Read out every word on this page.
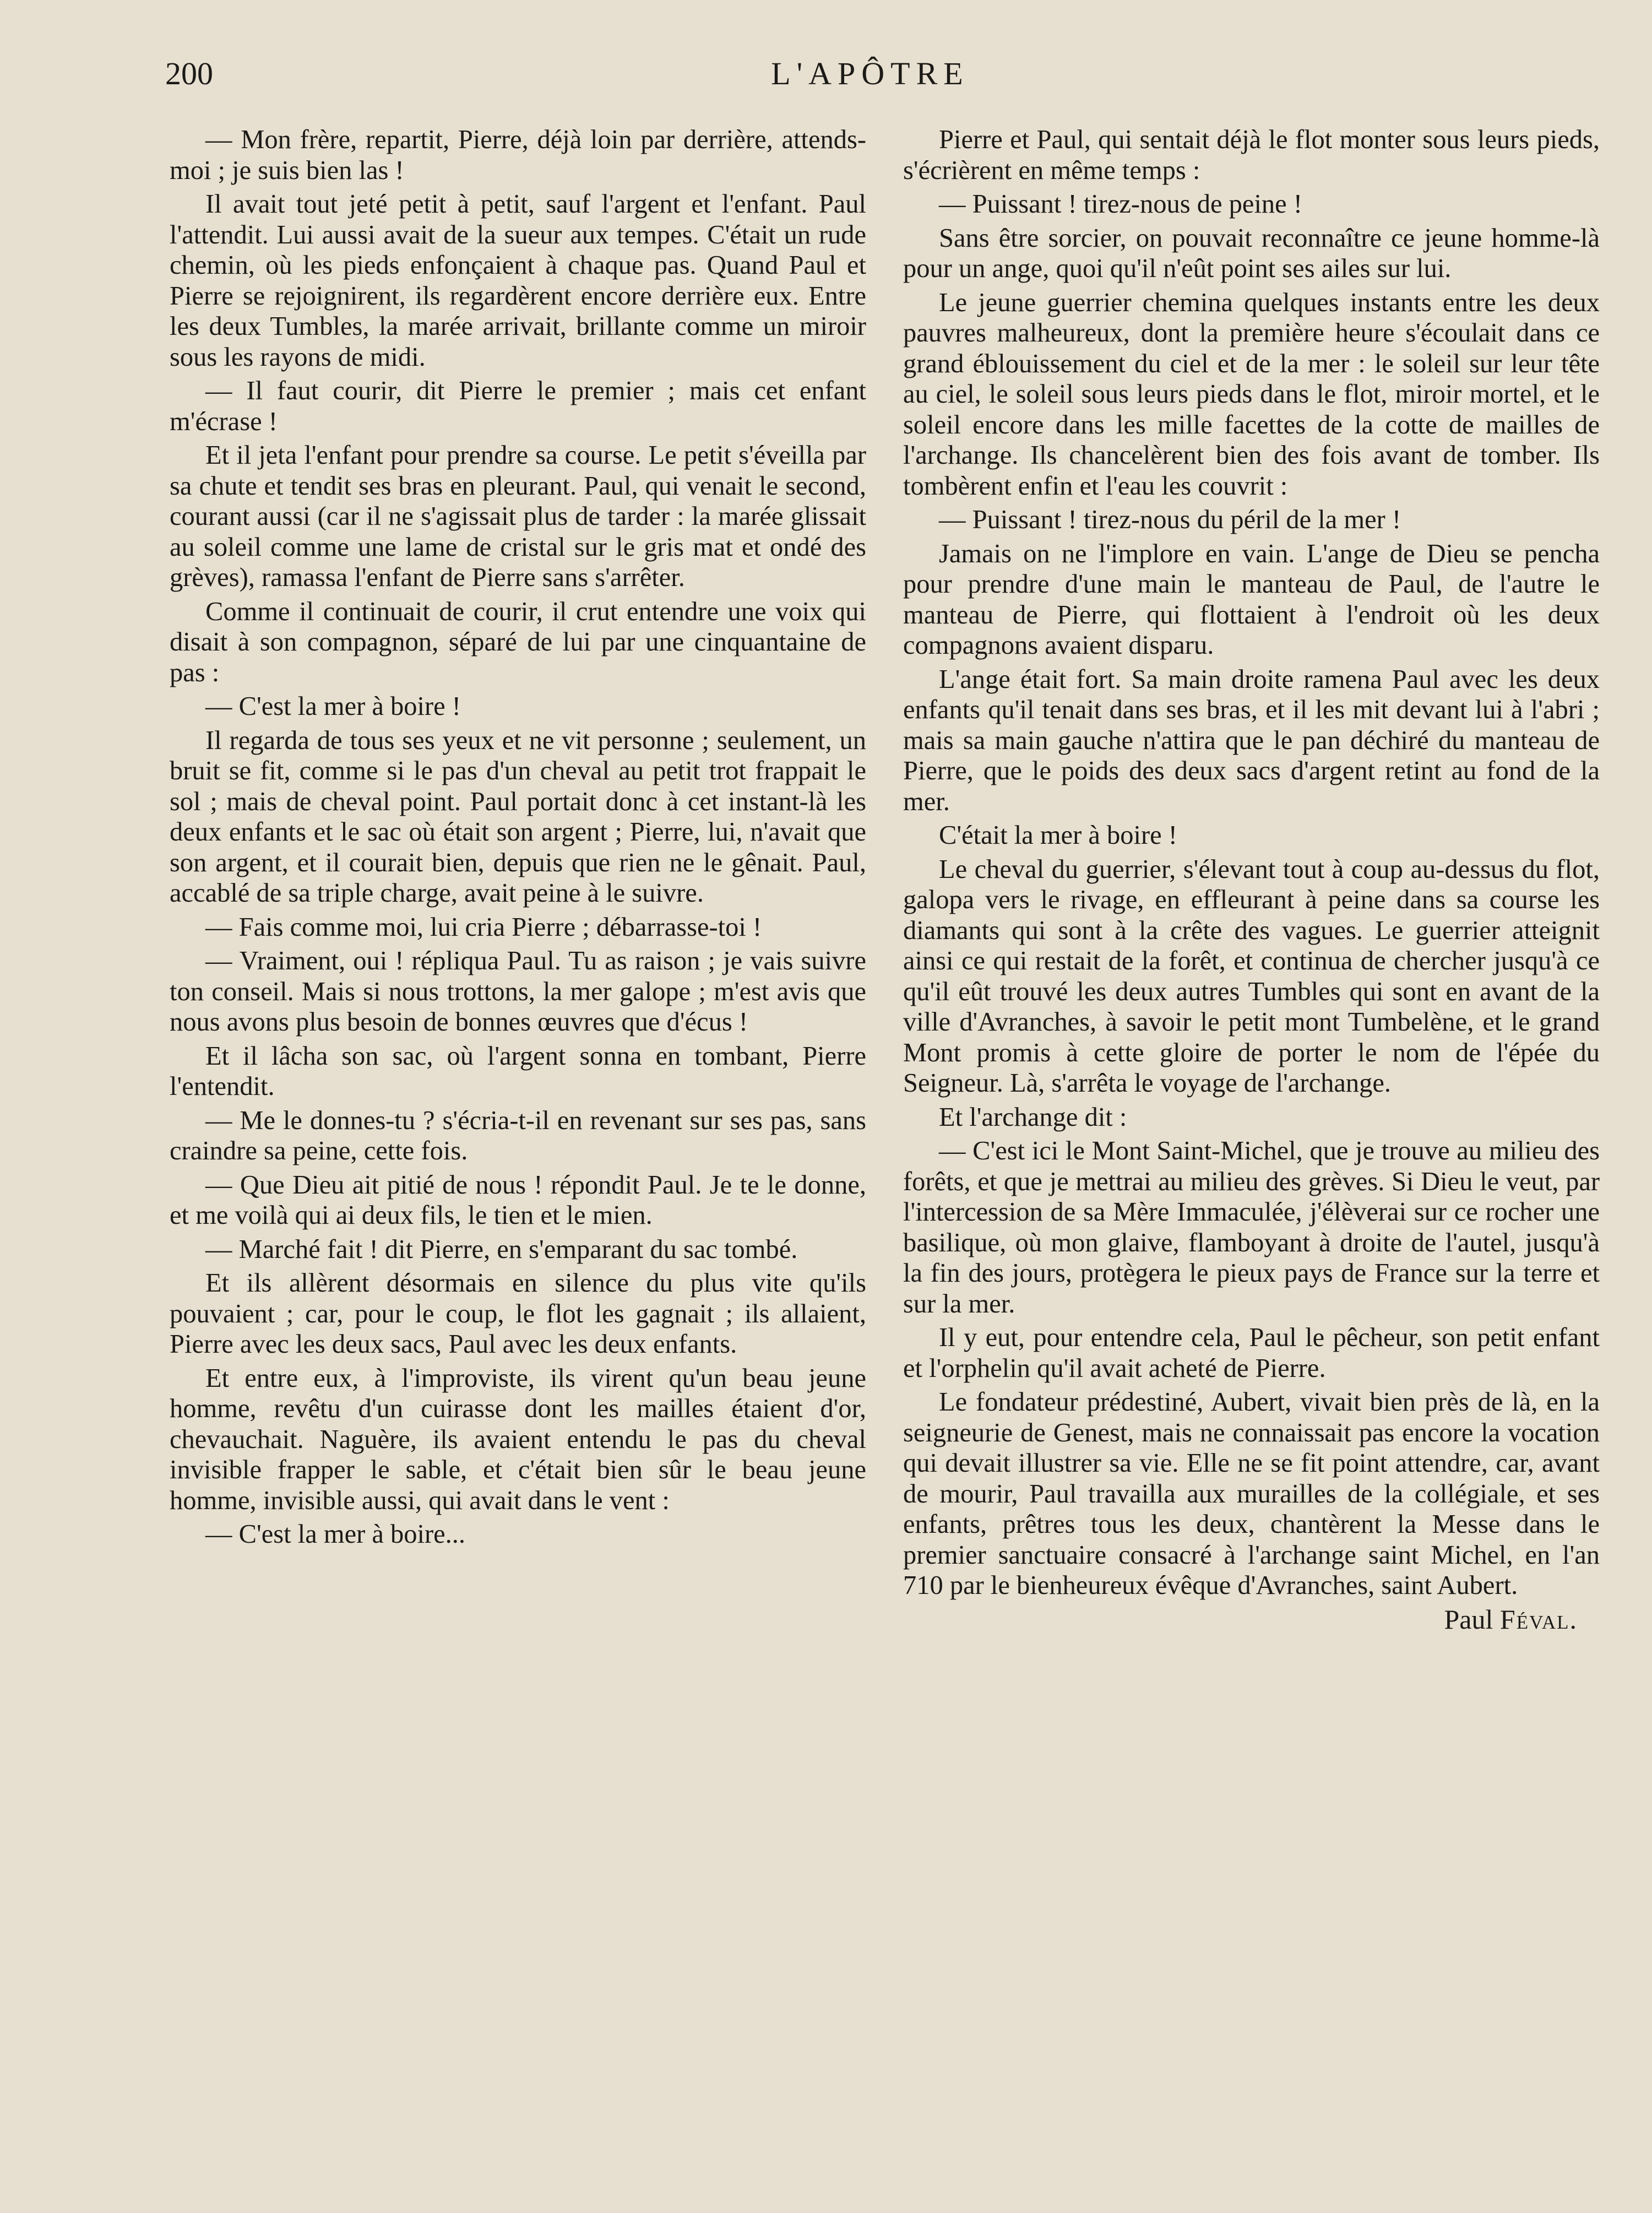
200	L'APÔTRE

— Mon frère, repartit, Pierre, déjà loin par derrière, attends-moi ; je suis bien las !

Il avait tout jeté petit à petit, sauf l'argent et l'enfant. Paul l'attendit. Lui aussi avait de la sueur aux tempes. C'était un rude chemin, où les pieds enfonçaient à chaque pas. Quand Paul et Pierre se rejoignirent, ils regardèrent encore derrière eux. Entre les deux Tumbles, la marée arrivait, brillante comme un miroir sous les rayons de midi.

— Il faut courir, dit Pierre le premier ; mais cet enfant m'écrase !

Et il jeta l'enfant pour prendre sa course. Le petit s'éveilla par sa chute et tendit ses bras en pleurant. Paul, qui venait le second, courant aussi (car il ne s'agissait plus de tarder : la marée glissait au soleil comme une lame de cristal sur le gris mat et ondé des grèves), ramassa l'enfant de Pierre sans s'arrêter.

Comme il continuait de courir, il crut entendre une voix qui disait à son compagnon, séparé de lui par une cinquantaine de pas :

— C'est la mer à boire !

Il regarda de tous ses yeux et ne vit personne ; seulement, un bruit se fit, comme si le pas d'un cheval au petit trot frappait le sol ; mais de cheval point. Paul portait donc à cet instant-là les deux enfants et le sac où était son argent ; Pierre, lui, n'avait que son argent, et il courait bien, depuis que rien ne le gênait. Paul, accablé de sa triple charge, avait peine à le suivre.

— Fais comme moi, lui cria Pierre ; débarrasse-toi !

— Vraiment, oui ! répliqua Paul. Tu as raison ; je vais suivre ton conseil. Mais si nous trottons, la mer galope ; m'est avis que nous avons plus besoin de bonnes œuvres que d'écus !

Et il lâcha son sac, où l'argent sonna en tombant, Pierre l'entendit.

— Me le donnes-tu ? s'écria-t-il en revenant sur ses pas, sans craindre sa peine, cette fois.

— Que Dieu ait pitié de nous ! répondit Paul. Je te le donne, et me voilà qui ai deux fils, le tien et le mien.

— Marché fait ! dit Pierre, en s'emparant du sac tombé.

Et ils allèrent désormais en silence du plus vite qu'ils pouvaient ; car, pour le coup, le flot les gagnait ; ils allaient, Pierre avec les deux sacs, Paul avec les deux enfants.

Et entre eux, à l'improviste, ils virent qu'un beau jeune homme, revêtu d'un cuirasse dont les mailles étaient d'or, chevauchait. Naguère, ils avaient entendu le pas du cheval invisible frapper le sable, et c'était bien sûr le beau jeune homme, invisible aussi, qui avait dans le vent :

— C'est la mer à boire...

Pierre et Paul, qui sentait déjà le flot monter sous leurs pieds, s'écrièrent en même temps :

— Puissant ! tirez-nous de peine !

Sans être sorcier, on pouvait reconnaître ce jeune homme-là pour un ange, quoi qu'il n'eût point ses ailes sur lui.

Le jeune guerrier chemina quelques instants entre les deux pauvres malheureux, dont la première heure s'écoulait dans ce grand éblouissement du ciel et de la mer : le soleil sur leur tête au ciel, le soleil sous leurs pieds dans le flot, miroir mortel, et le soleil encore dans les mille facettes de la cotte de mailles de l'archange. Ils chancelèrent bien des fois avant de tomber. Ils tombèrent enfin et l'eau les couvrit :

— Puissant ! tirez-nous du péril de la mer !

Jamais on ne l'implore en vain. L'ange de Dieu se pencha pour prendre d'une main le manteau de Paul, de l'autre le manteau de Pierre, qui flottaient à l'endroit où les deux compagnons avaient disparu.

L'ange était fort. Sa main droite ramena Paul avec les deux enfants qu'il tenait dans ses bras, et il les mit devant lui à l'abri ; mais sa main gauche n'attira que le pan déchiré du manteau de Pierre, que le poids des deux sacs d'argent retint au fond de la mer.

C'était la mer à boire !

Le cheval du guerrier, s'élevant tout à coup au-dessus du flot, galopa vers le rivage, en effleurant à peine dans sa course les diamants qui sont à la crête des vagues. Le guerrier atteignit ainsi ce qui restait de la forêt, et continua de chercher jusqu'à ce qu'il eût trouvé les deux autres Tumbles qui sont en avant de la ville d'Avranches, à savoir le petit mont Tumbelène, et le grand Mont promis à cette gloire de porter le nom de l'épée du Seigneur. Là, s'arrêta le voyage de l'archange.

Et l'archange dit :

— C'est ici le Mont Saint-Michel, que je trouve au milieu des forêts, et que je mettrai au milieu des grèves. Si Dieu le veut, par l'intercession de sa Mère Immaculée, j'élèverai sur ce rocher une basilique, où mon glaive, flamboyant à droite de l'autel, jusqu'à la fin des jours, protègera le pieux pays de France sur la terre et sur la mer.

Il y eut, pour entendre cela, Paul le pêcheur, son petit enfant et l'orphelin qu'il avait acheté de Pierre.

Le fondateur prédestiné, Aubert, vivait bien près de là, en la seigneurie de Genest, mais ne connaissait pas encore la vocation qui devait illustrer sa vie. Elle ne se fit point attendre, car, avant de mourir, Paul travailla aux murailles de la collégiale, et ses enfants, prêtres tous les deux, chantèrent la Messe dans le premier sanctuaire consacré à l'archange saint Michel, en l'an 710 par le bienheureux évêque d'Avranches, saint Aubert.

Paul Féval.
